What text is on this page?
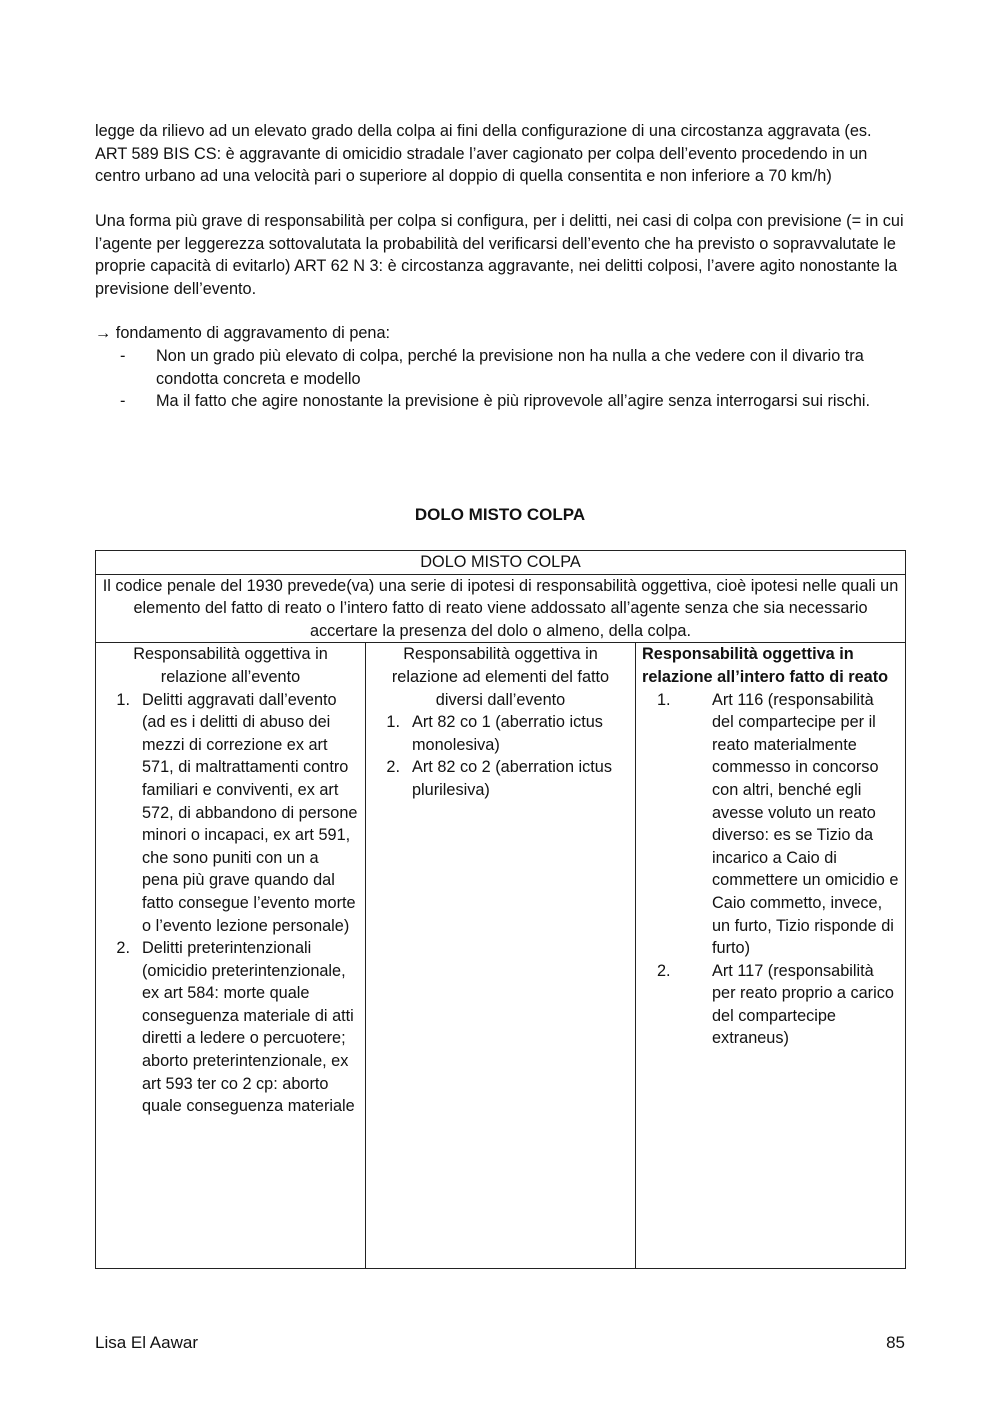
legge da rilievo ad un elevato grado della colpa ai fini della configurazione di una circostanza aggravata (es. ART 589 BIS CS: è aggravante di omicidio stradale l’aver cagionato per colpa dell’evento procedendo in un centro urbano ad una velocità pari o superiore al doppio di quella consentita e non inferiore a 70 km/h)
Una forma più grave di responsabilità per colpa si configura, per i delitti, nei casi di colpa con previsione (= in cui l’agente per leggerezza sottovalutata la probabilità del verificarsi dell’evento che ha previsto o sopravvalutate le proprie capacità di evitarlo) ART 62 N 3: è circostanza aggravante, nei delitti colposi, l’avere agito nonostante la previsione dell’evento.
→ fondamento di aggravamento di pena:
-	Non un grado più elevato di colpa, perché la previsione non ha nulla a che vedere con il divario tra condotta concreta e modello
-	Ma il fatto che agire nonostante la previsione è più riprovevole all’agire senza interrogarsi sui rischi.
DOLO MISTO COLPA
DOLO MISTO COLPA
Il codice penale del 1930 prevede(va) una serie di ipotesi di responsabilità oggettiva, cioè ipotesi nelle quali un elemento del fatto di reato o l’intero fatto di reato viene addossato all’agente senza che sia necessario accertare la presenza del dolo o almeno, della colpa.

Responsabilità oggettiva in relazione all’evento
1. Delitti aggravati dall’evento (ad es i delitti di abuso dei mezzi di correzione ex art 571, di maltrattamenti contro familiari e conviventi, ex art 572, di abbandono di persone minori o incapaci, ex art 591, che sono puniti con un a pena più grave quando dal fatto consegue l’evento morte o l’evento lezione personale)
2. Delitti preterintenzionali (omicidio preterintenzionale, ex art 584: morte quale conseguenza materiale di atti diretti a ledere o percuotere; aborto preterintenzionale, ex art 593 ter co 2 cp: aborto quale conseguenza materiale

Responsabilità oggettiva in relazione ad elementi del fatto diversi dall’evento
1. Art 82 co 1 (aberratio ictus monolesiva)
2. Art 82 co 2 (aberration ictus plurilesiva)

Responsabilità oggettiva in relazione all’intero fatto di reato
1.	Art 116 (responsabilità del compartecipe per il reato materialmente commesso in concorso con altri, benché egli avesse voluto un reato diverso: es se Tizio da incarico a Caio di commettere un omicidio e Caio commetto, invece, un furto, Tizio risponde di furto)
2.	Art 117 (responsabilità per reato proprio a carico del compartecipe extraneus)
Lisa El Aawar	85
